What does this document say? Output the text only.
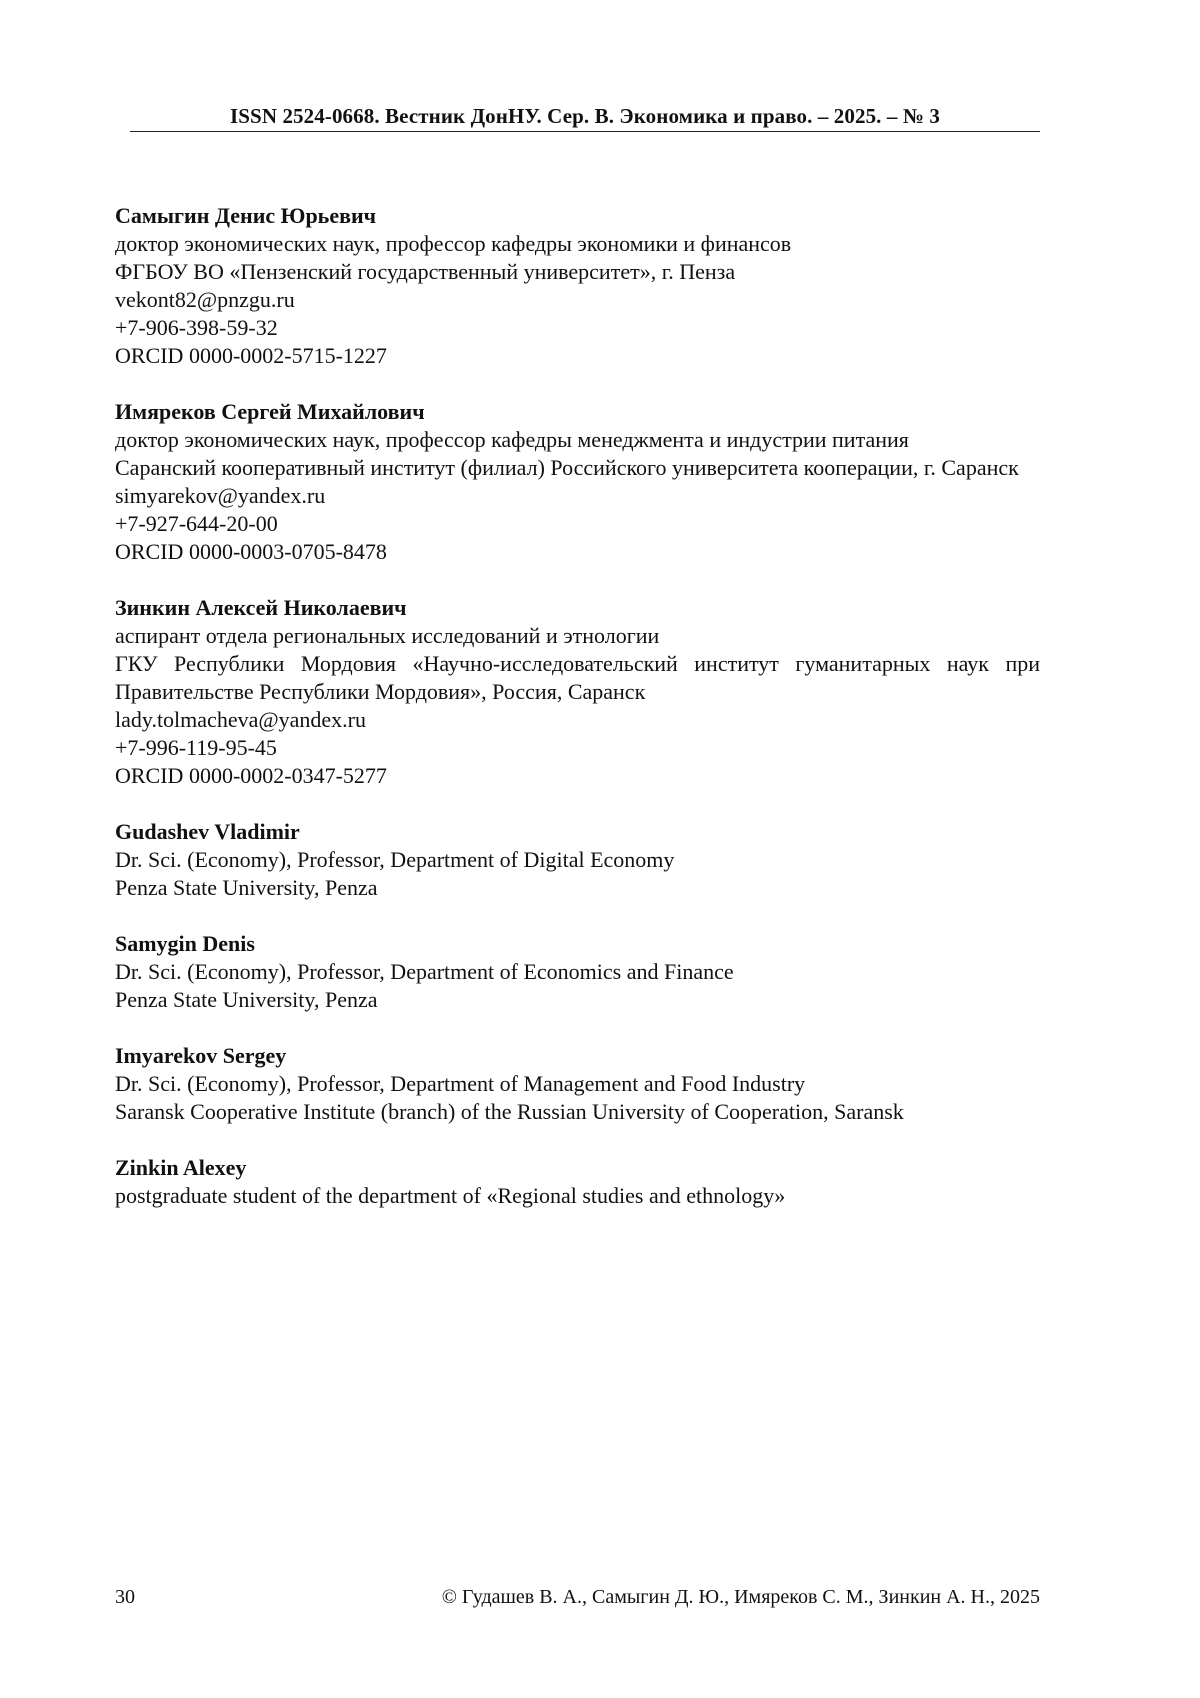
ISSN 2524-0668. Вестник ДонНУ. Сер. В. Экономика и право. – 2025. – № 3
Самыгин Денис Юрьевич
доктор экономических наук, профессор кафедры экономики и финансов
ФГБОУ ВО «Пензенский государственный университет», г. Пенза
vekont82@pnzgu.ru
+7-906-398-59-32
ORCID 0000-0002-5715-1227
Имяреков Сергей Михайлович
доктор экономических наук, профессор кафедры менеджмента и индустрии питания
Саранский кооперативный институт (филиал) Российского университета кооперации, г. Саранск
simyarekov@yandex.ru
+7-927-644-20-00
ORCID 0000-0003-0705-8478
Зинкин Алексей Николаевич
аспирант отдела региональных исследований и этнологии
ГКУ Республики Мордовия «Научно-исследовательский институт гуманитарных наук при Правительстве Республики Мордовия», Россия, Саранск
lady.tolmacheva@yandex.ru
+7-996-119-95-45
ORCID 0000-0002-0347-5277
Gudashev Vladimir
Dr. Sci. (Economy), Professor, Department of Digital Economy
Penza State University, Penza
Samygin Denis
Dr. Sci. (Economy), Professor, Department of Economics and Finance
Penza State University, Penza
Imyarekov Sergey
Dr. Sci. (Economy), Professor, Department of Management and Food Industry
Saransk Cooperative Institute (branch) of the Russian University of Cooperation, Saransk
Zinkin Alexey
postgraduate student of the department of «Regional studies and ethnology»
30	© Гудашев В. А., Самыгин Д. Ю., Имяреков С. М., Зинкин А. Н., 2025
